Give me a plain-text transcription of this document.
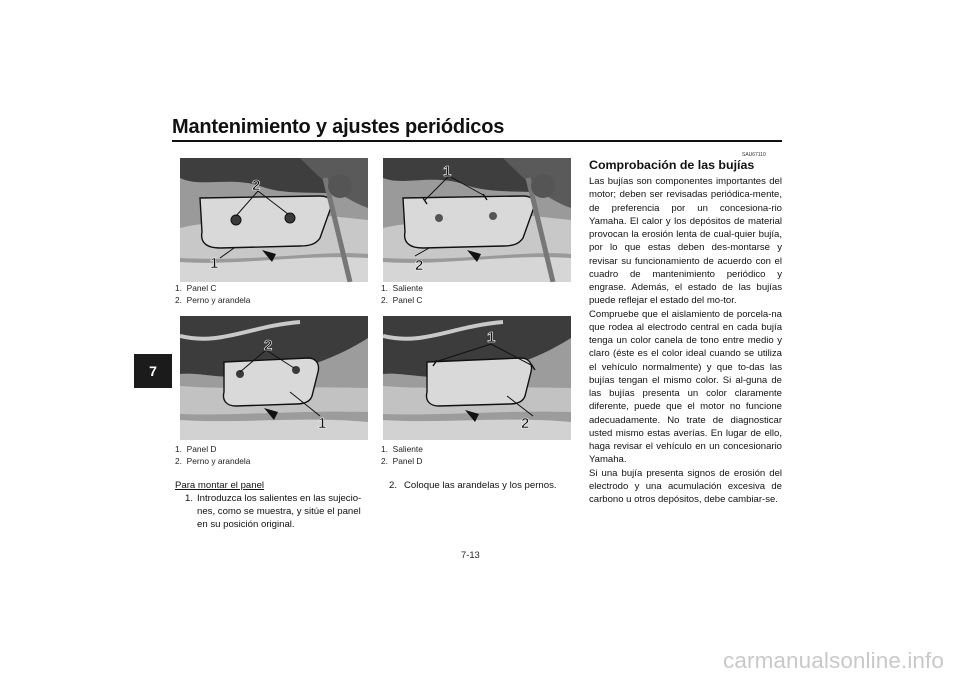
Mantenimiento y ajustes periódicos
7
2
1
1
2
2
1
1
2
1. Panel C
2. Perno y arandela
1. Saliente
2. Panel C
1. Panel D
2. Perno y arandela
1. Saliente
2. Panel D
Para montar el panel
1. Introduzca los salientes en las sujecio-nes, como se muestra, y sitúe el panel en su posición original.
2. Coloque las arandelas y los pernos.
SAU67110
Comprobación de las bujías

Las bujías son componentes importantes del motor; deben ser revisadas periódica-mente, de preferencia por un concesiona-rio Yamaha. El calor y los depósitos de material provocan la erosión lenta de cual-quier bujía, por lo que estas deben des-montarse y revisar su funcionamiento de acuerdo con el cuadro de mantenimiento periódico y engrase. Además, el estado de las bujías puede reflejar el estado del mo-tor.

Compruebe que el aislamiento de porcela-na que rodea al electrodo central en cada bujía tenga un color canela de tono entre medio y claro (éste es el color ideal cuando se utiliza el vehículo normalmente) y que to-das las bujías tengan el mismo color. Si al-guna de las bujías presenta un color claramente diferente, puede que el motor no funcione adecuadamente. No trate de diagnosticar usted mismo estas averías. En lugar de ello, haga revisar el vehículo en un concesionario Yamaha.

Si una bujía presenta signos de erosión del electrodo y una acumulación excesiva de carbono u otros depósitos, debe cambiar-se.

7-13
carmanualsonline.info
